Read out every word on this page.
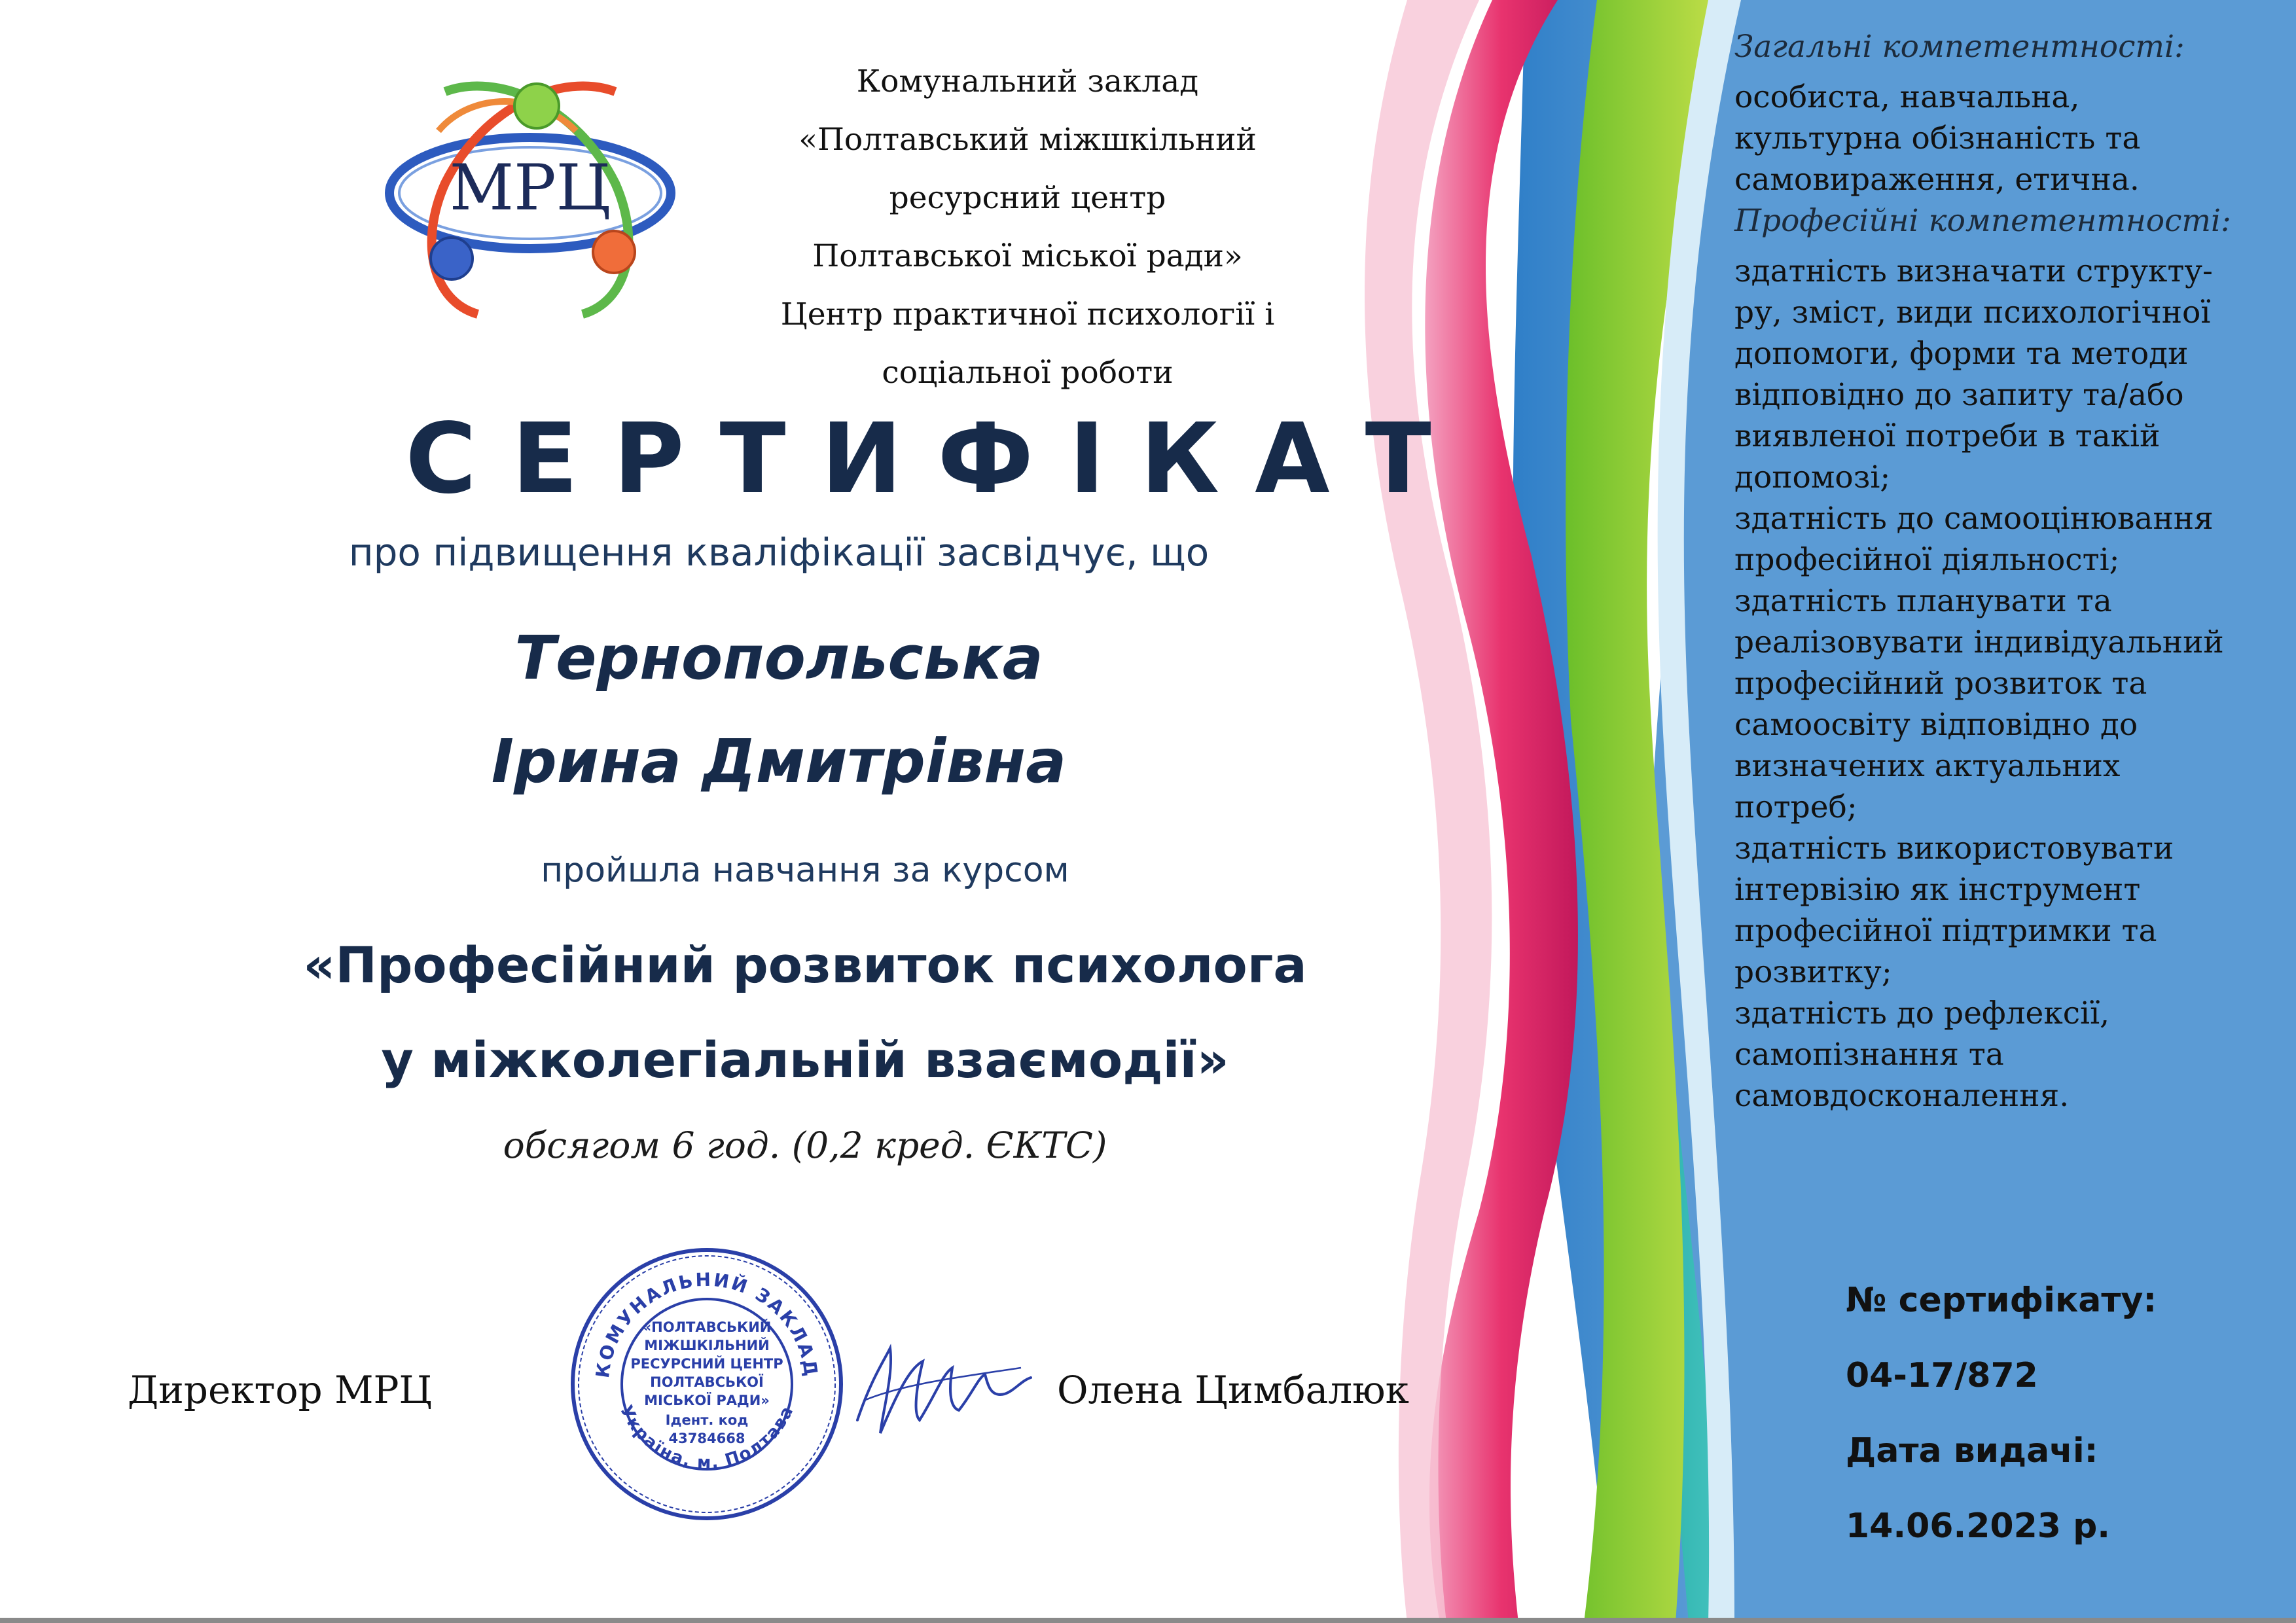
МРЦ
Комунальний заклад
«Полтавський міжшкільний
ресурсний центр
Полтавської міської ради»
Центр практичної психології і
соціальної роботи
СЕРТИФІКАТ
про підвищення кваліфікації засвідчує, що
Тернопольська
Ірина Дмитрівна
пройшла навчання за курсом
«Професійний розвиток психолога
у міжколегіальній взаємодії»
обсягом 6 год. (0,2 кред. ЄКТС)
Директор МРЦ	Олена Цимбалюк
КОМУНАЛЬНИЙ ЗАКЛАД
Україна, м. Полтава
«ПОЛТАВСЬКИЙ
МІЖШКІЛЬНИЙ
РЕСУРСНИЙ ЦЕНТР
ПОЛТАВСЬКОЇ
МІСЬКОЇ РАДИ»
Ідент. код
43784668
Загальні компетентності:
особиста, навчальна,
культурна обізнаність та
самовираження, етична.
Професійні компетентності:
здатність визначати структу-
ру, зміст, види психологічної
допомоги, форми та методи
відповідно до запиту та/або
виявленої потреби в такій
допомозі;
здатність до самооцінювання
професійної діяльності;
здатність планувати та
реалізовувати індивідуальний
професійний розвиток та
самоосвіту відповідно до
визначених актуальних
потреб;
здатність використовувати
інтервізію як інструмент
професійної підтримки та
розвитку;
здатність до рефлексії,
самопізнання та
самовдосконалення.
№ сертифікату:
04-17/872
Дата видачі:
14.06.2023 р.
